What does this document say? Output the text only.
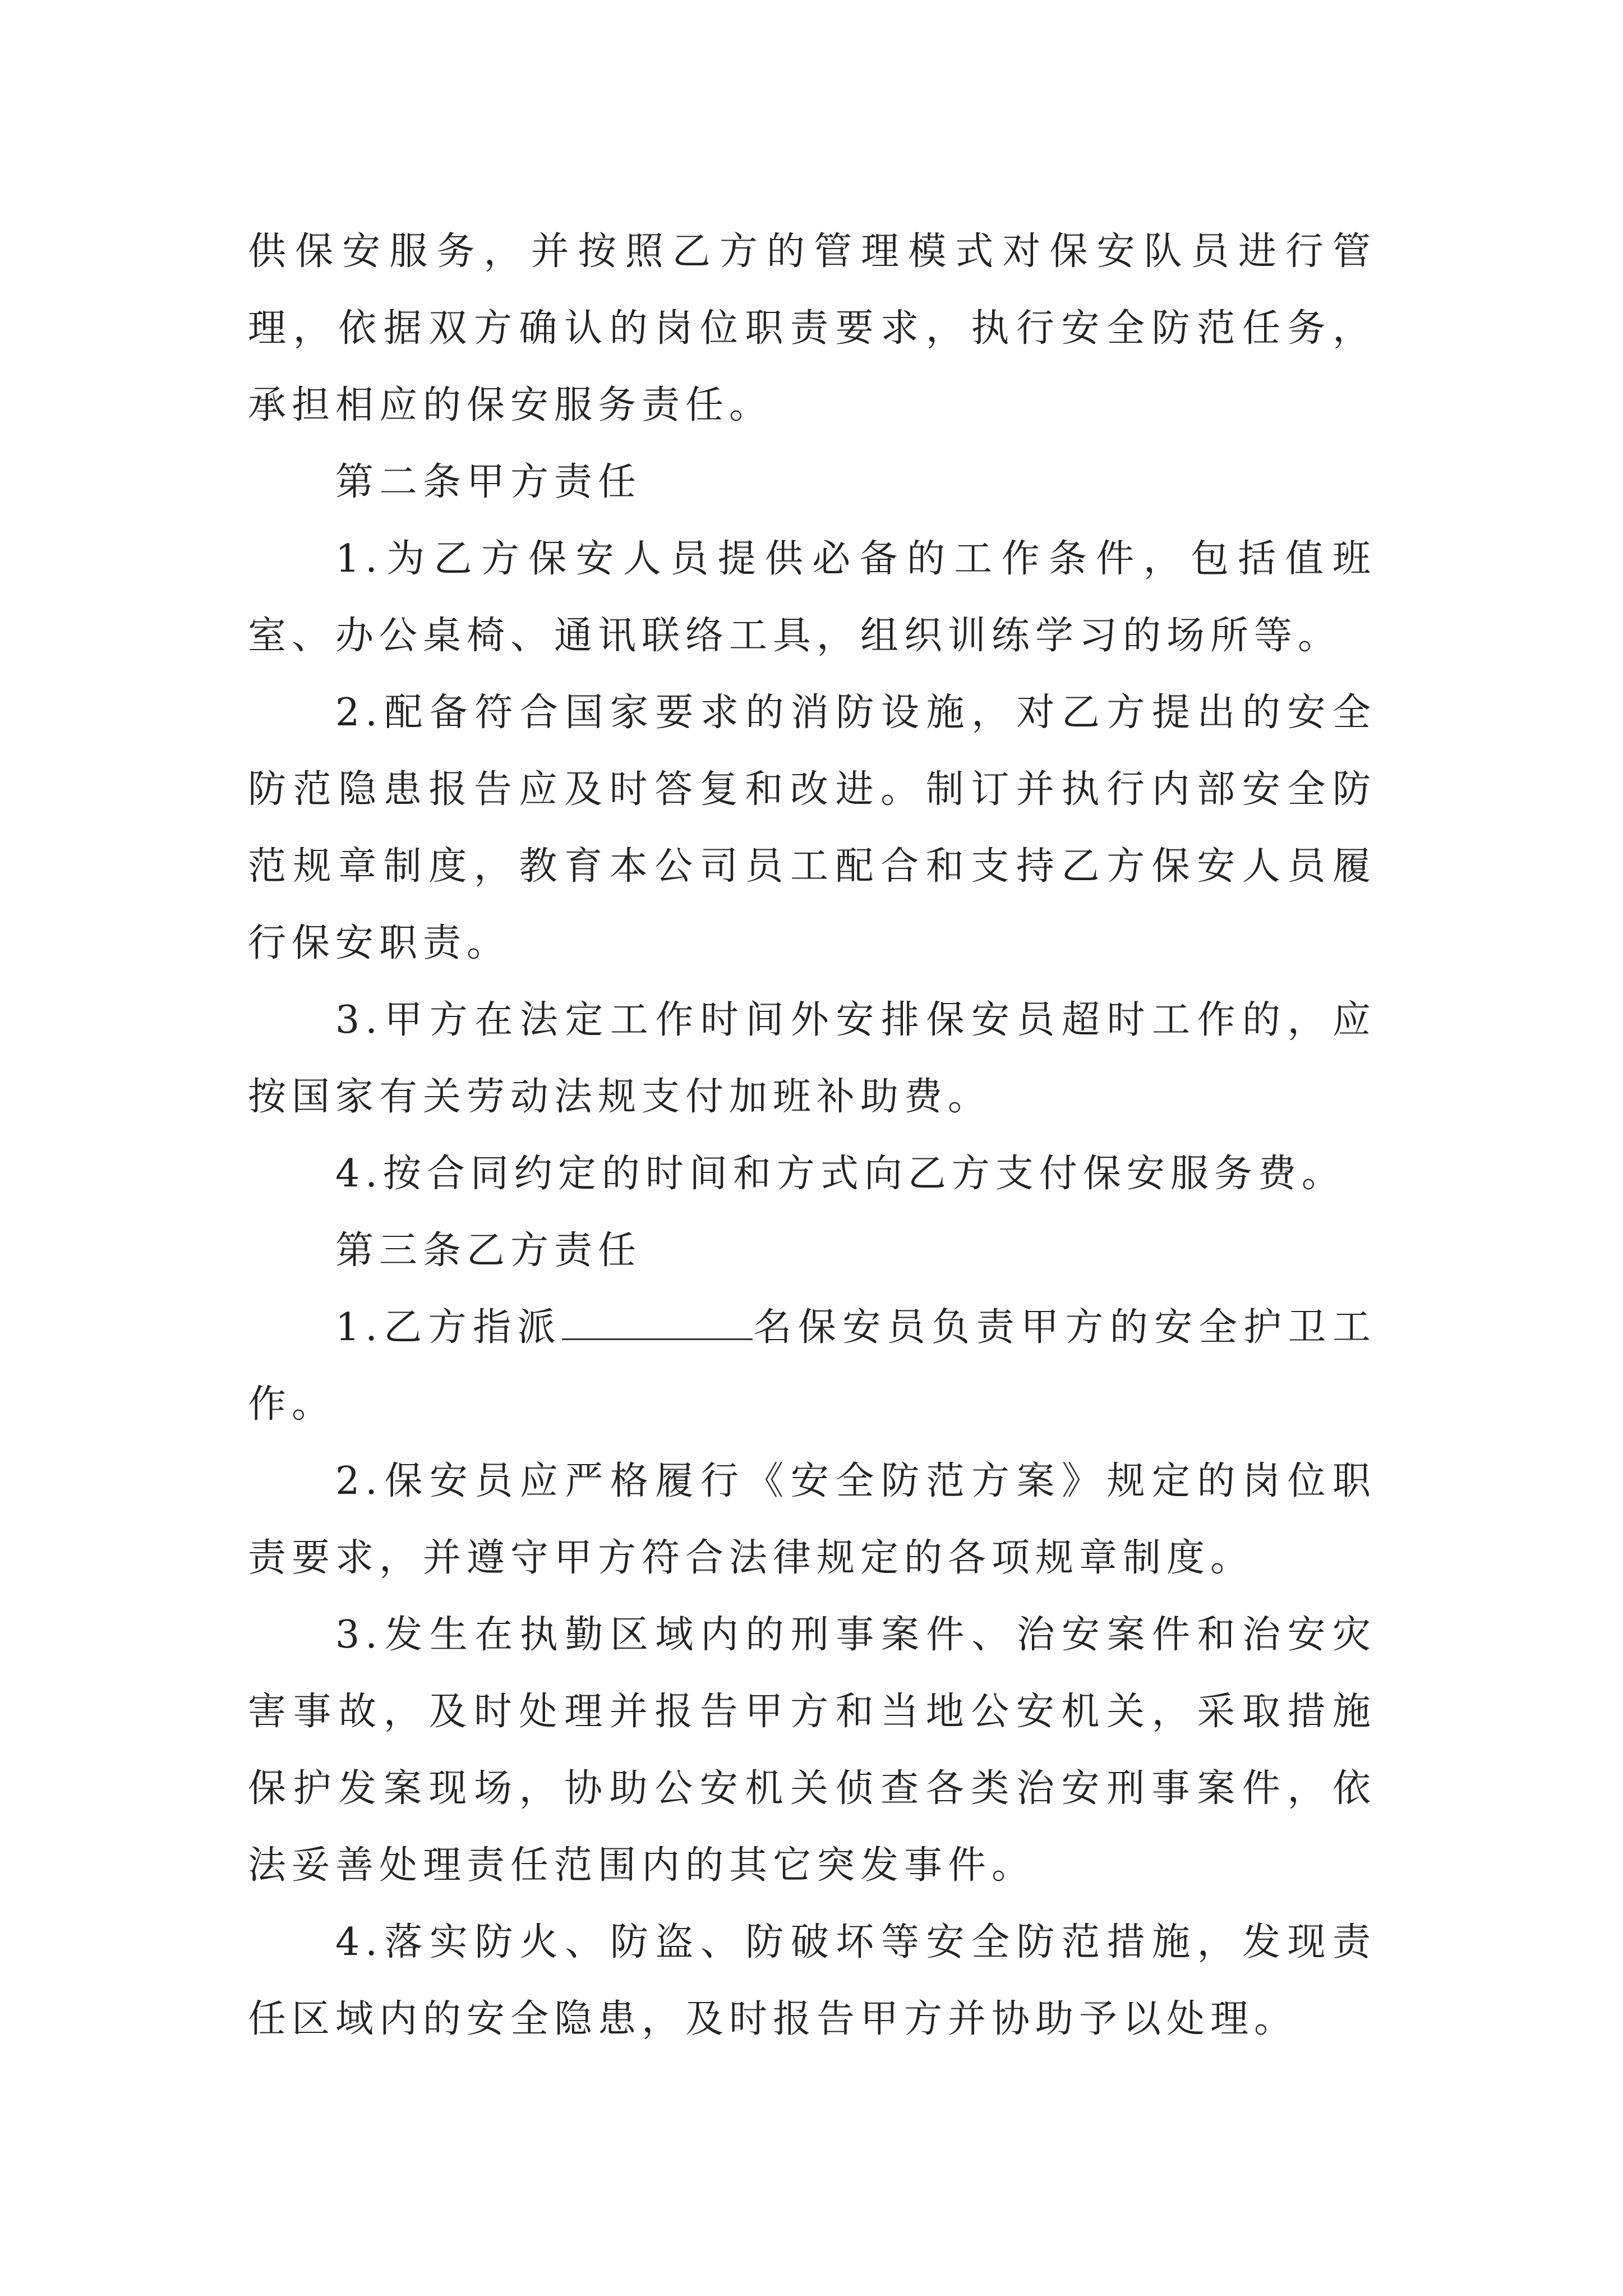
供保安服务，并按照乙方的管理模式对保安队员进行管理，依据双方确认的岗位职责要求，执行安全防范任务，承担相应的保安服务责任。

第二条甲方责任

1.为乙方保安人员提供必备的工作条件，包括值班室、办公桌椅、通讯联络工具，组织训练学习的场所等。

2.配备符合国家要求的消防设施，对乙方提出的安全防范隐患报告应及时答复和改进。制订并执行内部安全防范规章制度，教育本公司员工配合和支持乙方保安人员履行保安职责。

3.甲方在法定工作时间外安排保安员超时工作的，应按国家有关劳动法规支付加班补助费。

4.按合同约定的时间和方式向乙方支付保安服务费。

第三条乙方责任

1.乙方指派	名保安员负责甲方的安全护卫工作。

2.保安员应严格履行《安全防范方案》规定的岗位职责要求，并遵守甲方符合法律规定的各项规章制度。

3.发生在执勤区域内的刑事案件、治安案件和治安灾害事故，及时处理并报告甲方和当地公安机关，采取措施保护发案现场，协助公安机关侦查各类治安刑事案件，依法妥善处理责任范围内的其它突发事件。

4.落实防火、防盗、防破坏等安全防范措施，发现责任区域内的安全隐患，及时报告甲方并协助予以处理。
